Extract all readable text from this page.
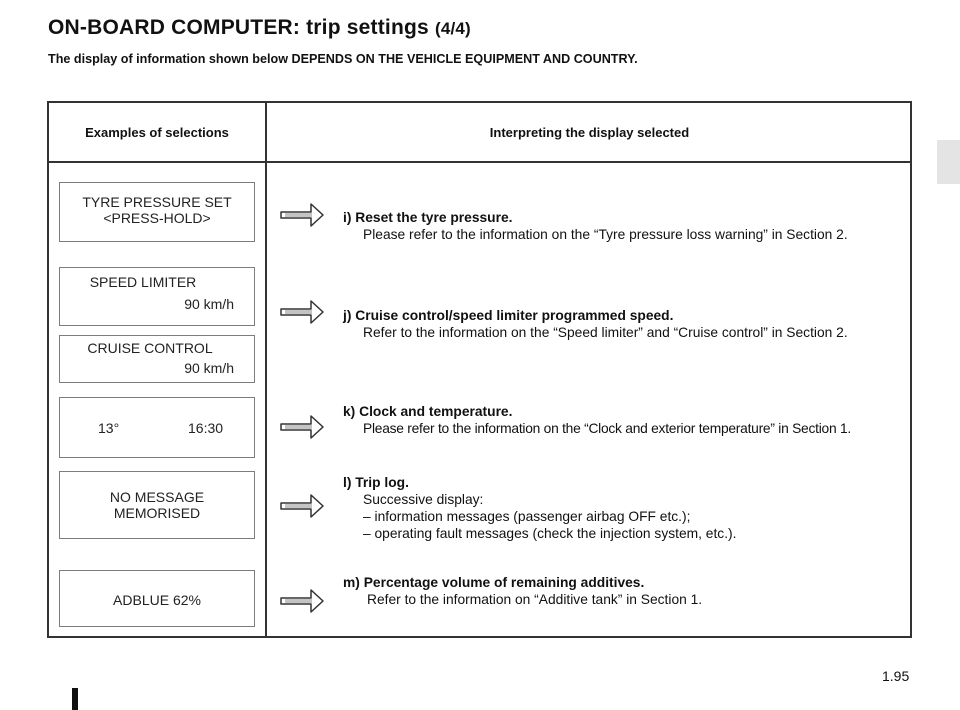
ON-BOARD COMPUTER: trip settings (4/4)

The display of information shown below DEPENDS ON THE VEHICLE EQUIPMENT AND COUNTRY.

Examples of selections	Interpreting the display selected
TYRE PRESSURE SET
<PRESS-HOLD>
SPEED LIMITER
90 km/h
CRUISE CONTROL
90 km/h
13°	16:30
NO MESSAGE
MEMORISED
ADBLUE 62%
i) Reset the tyre pressure.
Please refer to the information on the “Tyre pressure loss warning” in Section 2.
j) Cruise control/speed limiter programmed speed.
Refer to the information on the “Speed limiter” and “Cruise control” in Section 2.
k) Clock and temperature.
Please refer to the information on the “Clock and exterior temperature” in Section 1.
l) Trip log.
Successive display:
– information messages (passenger airbag OFF etc.);
– operating fault messages (check the injection system, etc.).
m) Percentage volume of remaining additives.
Refer to the information on “Additive tank” in Section 1.
1.95
